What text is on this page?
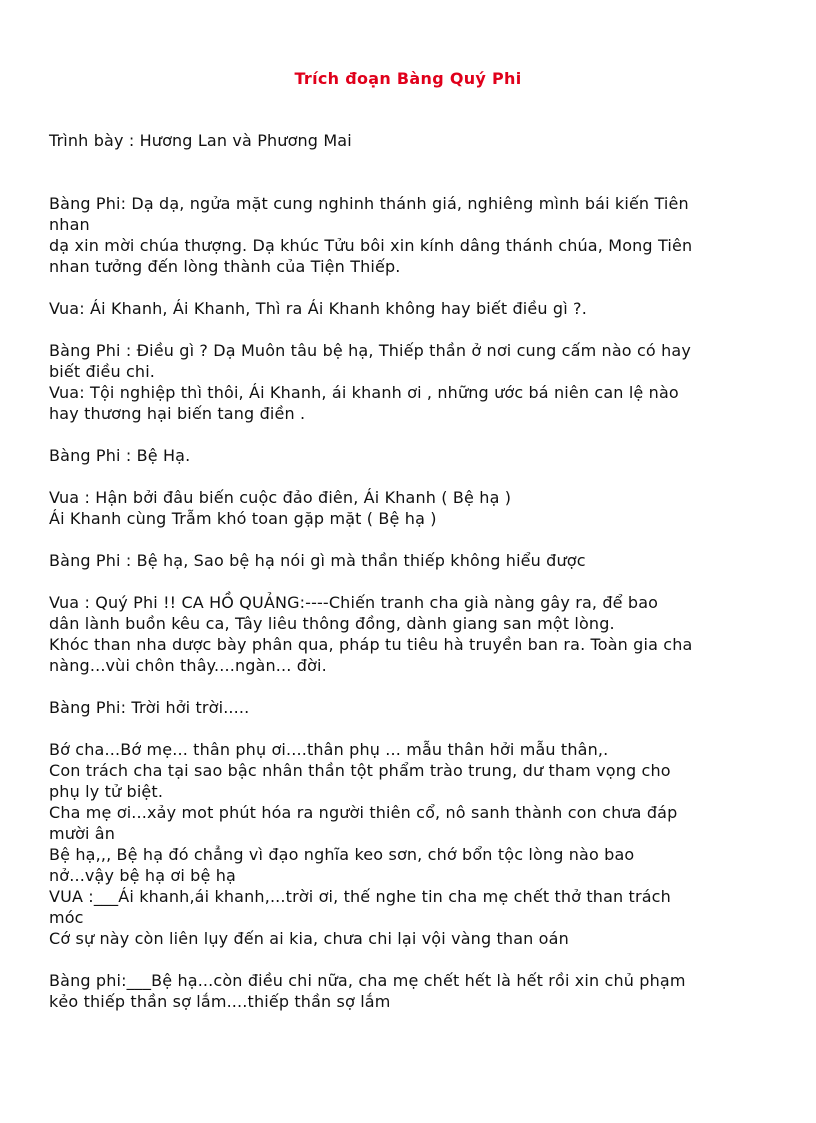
Trích đoạn Bàng Quý Phi
Trình bày : Hương Lan và Phương Mai
Bàng Phi: Dạ dạ, ngửa mặt cung nghinh thánh giá, nghiêng mình bái kiến Tiên
nhan
dạ xin mời chúa thượng. Dạ khúc Tửu bôi xin kính dâng thánh chúa, Mong Tiên
nhan tưởng đến lòng thành của Tiện Thiếp.
Vua: Ái Khanh, Ái Khanh, Thì ra Ái Khanh không hay biết điều gì ?.
Bàng Phi : Điều gì ? Dạ Muôn tâu bệ hạ, Thiếp thần ở nơi cung cấm nào có hay
biết điều chi.
Vua: Tội nghiệp thì thôi, Ái Khanh, ái khanh ơi , những ước bá niên can lệ nào
hay thương hại biến tang điền .
Bàng Phi : Bệ Hạ.
Vua : Hận bởi đâu biến cuộc đảo điên, Ái Khanh ( Bệ hạ )
Ái Khanh cùng Trẫm khó toan gặp mặt ( Bệ hạ )
Bàng Phi : Bệ hạ, Sao bệ hạ nói gì mà thần thiếp không hiểu được
Vua : Quý Phi !! CA HỒ QUẢNG:----Chiến tranh cha già nàng gây ra, để bao
dân lành buồn kêu ca, Tây liêu thông đồng, dành giang san một lòng.
Khóc than nha dược bày phân qua, pháp tu tiêu hà truyền ban ra. Toàn gia cha
nàng...vùi chôn thây....ngàn... đời.
Bàng Phi: Trời hởi trời.....
Bớ cha...Bớ mẹ... thân phụ ơi....thân phụ ... mẫu thân hởi mẫu thân,.
Con trách cha tại sao bậc nhân thần tột phẩm trào trung, dư tham vọng cho
phụ ly tử biệt.
Cha mẹ ơi...xảy mot phút hóa ra người thiên cổ, nô sanh thành con chưa đáp
mười ân
Bệ hạ,,, Bệ hạ đó chẳng vì đạo nghĩa keo sơn, chớ bổn tộc lòng nào bao
nở...vậy bệ hạ ơi bệ hạ
VUA :___Ái khanh,ái khanh,...trời ơi, thế nghe tin cha mẹ chết thở than trách
móc
Cớ sự này còn liên lụy đến ai kia, chưa chi lại vội vàng than oán
Bàng phi:___Bệ hạ...còn điều chi nữa, cha mẹ chết hết là hết rồi xin chủ phạm
kẻo thiếp thần sợ lắm....thiếp thần sợ lắm
